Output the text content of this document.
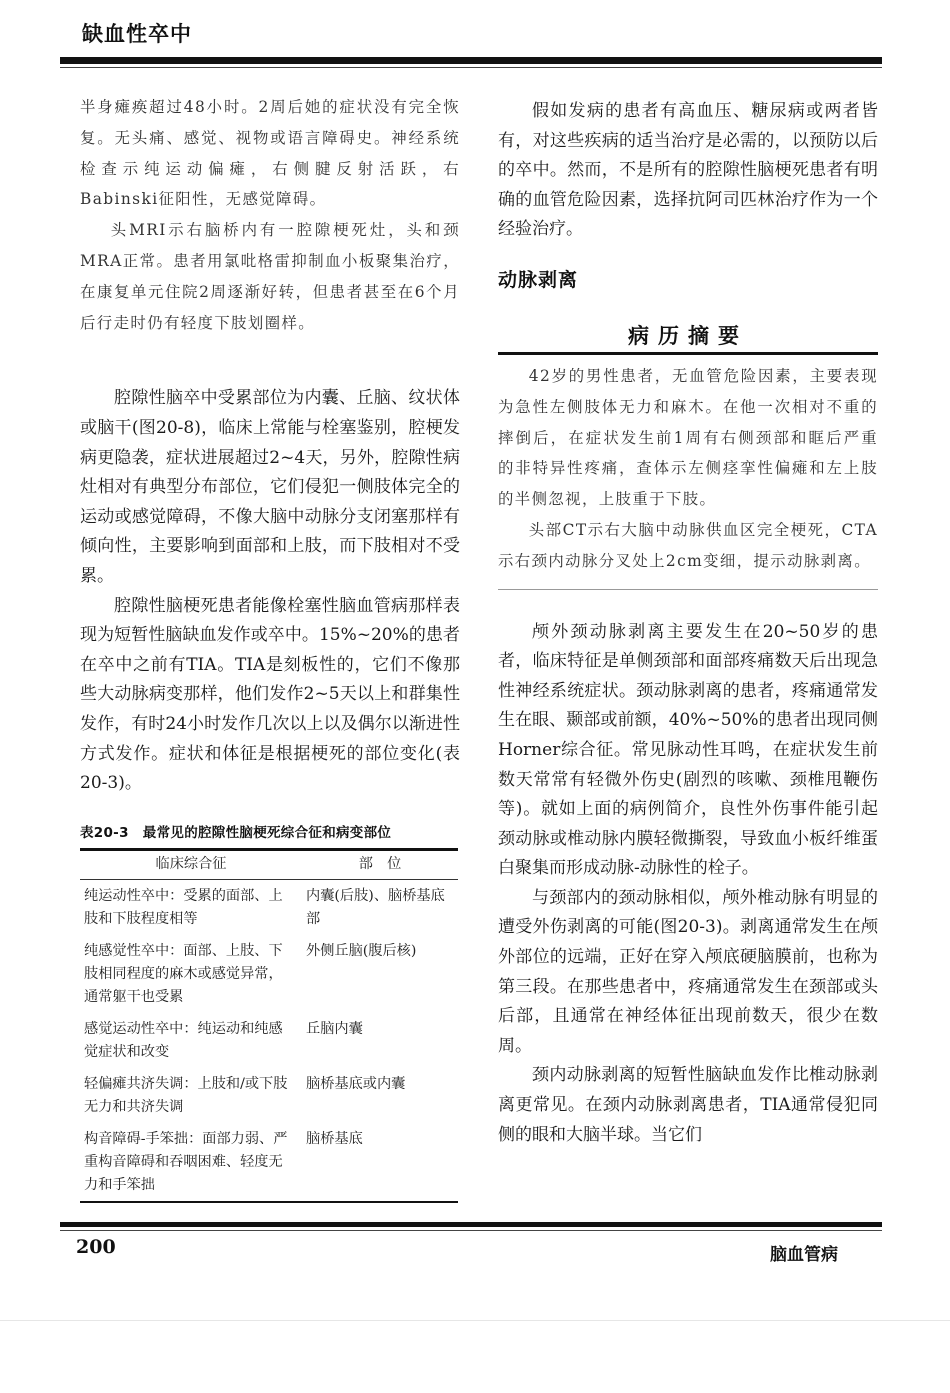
缺血性卒中

半身瘫痪超过48小时。2周后她的症状没有完全恢复。无头痛、感觉、视物或语言障碍史。神经系统检查示纯运动偏瘫，右侧腱反射活跃，右Babinski征阳性，无感觉障碍。

头MRI示右脑桥内有一腔隙梗死灶，头和颈MRA正常。患者用氯吡格雷抑制血小板聚集治疗，在康复单元住院2周逐渐好转，但患者甚至在6个月后行走时仍有轻度下肢划圈样。

腔隙性脑卒中受累部位为内囊、丘脑、纹状体或脑干(图20-8)，临床上常能与栓塞鉴别，腔梗发病更隐袭，症状进展超过2~4天，另外，腔隙性病灶相对有典型分布部位，它们侵犯一侧肢体完全的运动或感觉障碍，不像大脑中动脉分支闭塞那样有倾向性，主要影响到面部和上肢，而下肢相对不受累。

腔隙性脑梗死患者能像栓塞性脑血管病那样表现为短暂性脑缺血发作或卒中。15%~20%的患者在卒中之前有TIA。TIA是刻板性的，它们不像那些大动脉病变那样，他们发作2~5天以上和群集性发作，有时24小时发作几次以上以及偶尔以渐进性方式发作。症状和体征是根据梗死的部位变化(表20-3)。

表20-3 最常见的腔隙性脑梗死综合征和病变部位
临床综合征	部　位
纯运动性卒中：受累的面部、上肢和下肢程度相等	内囊(后肢)、脑桥基底部
纯感觉性卒中：面部、上肢、下肢相同程度的麻木或感觉异常，通常躯干也受累	外侧丘脑(腹后核)
感觉运动性卒中：纯运动和纯感觉症状和改变	丘脑内囊
轻偏瘫共济失调：上肢和/或下肢无力和共济失调	脑桥基底或内囊
构音障碍-手笨拙：面部力弱、严重构音障碍和吞咽困难、轻度无力和手笨拙	脑桥基底

假如发病的患者有高血压、糖尿病或两者皆有，对这些疾病的适当治疗是必需的，以预防以后的卒中。然而，不是所有的腔隙性脑梗死患者有明确的血管危险因素，选择抗阿司匹林治疗作为一个经验治疗。

动脉剥离
病历摘要

42岁的男性患者，无血管危险因素，主要表现为急性左侧肢体无力和麻木。在他一次相对不重的摔倒后，在症状发生前1周有右侧颈部和眶后严重的非特异性疼痛，查体示左侧痉挛性偏瘫和左上肢的半侧忽视，上肢重于下肢。

头部CT示右大脑中动脉供血区完全梗死，CTA示右颈内动脉分叉处上2cm变细，提示动脉剥离。

颅外颈动脉剥离主要发生在20~50岁的患者，临床特征是单侧颈部和面部疼痛数天后出现急性神经系统症状。颈动脉剥离的患者，疼痛通常发生在眼、颞部或前额，40%~50%的患者出现同侧Horner综合征。常见脉动性耳鸣，在症状发生前数天常常有轻微外伤史(剧烈的咳嗽、颈椎甩鞭伤等)。就如上面的病例简介，良性外伤事件能引起颈动脉或椎动脉内膜轻微撕裂，导致血小板纤维蛋白聚集而形成动脉-动脉性的栓子。

与颈部内的颈动脉相似，颅外椎动脉有明显的遭受外伤剥离的可能(图20-3)。剥离通常发生在颅外部位的远端，正好在穿入颅底硬脑膜前，也称为第三段。在那些患者中，疼痛通常发生在颈部或头后部，且通常在神经体征出现前数天，很少在数周。

颈内动脉剥离的短暂性脑缺血发作比椎动脉剥离更常见。在颈内动脉剥离患者，TIA通常侵犯同侧的眼和大脑半球。当它们

200	脑血管病
